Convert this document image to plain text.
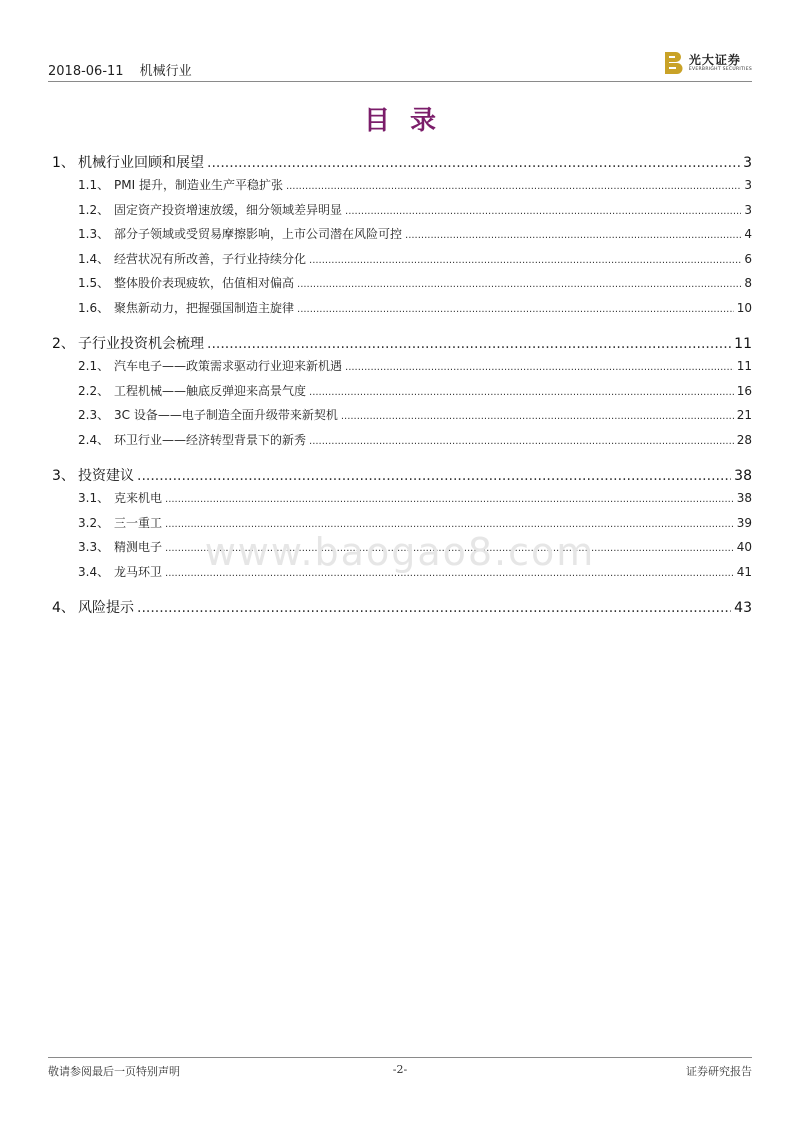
2018-06-11 机械行业
光大证券
EVERBRIGHT SECURITIES
目录
1、 机械行业回顾和展望 .....	3
1.1、 PMI 提升，制造业生产平稳扩张 .....	3
1.2、 固定资产投资增速放缓，细分领域差异明显 .....	3
1.3、 部分子领域或受贸易摩擦影响，上市公司潜在风险可控 .....	4
1.4、 经营状况有所改善，子行业持续分化 .....	6
1.5、 整体股价表现疲软，估值相对偏高 .....	8
1.6、 聚焦新动力，把握强国制造主旋律 .....	10
2、 子行业投资机会梳理 .....	11
2.1、 汽车电子——政策需求驱动行业迎来新机遇 .....	11
2.2、 工程机械——触底反弹迎来高景气度 .....	16
2.3、 3C 设备——电子制造全面升级带来新契机 .....	21
2.4、 环卫行业——经济转型背景下的新秀 .....	28
3、 投资建议 .....	38
3.1、 克来机电 .....	38
3.2、 三一重工 .....	39
3.3、 精测电子 .....	40
3.4、 龙马环卫 .....	41
4、 风险提示 .....	43
www.baogao8.com
敬请参阅最后一页特别声明	-2-	证券研究报告
